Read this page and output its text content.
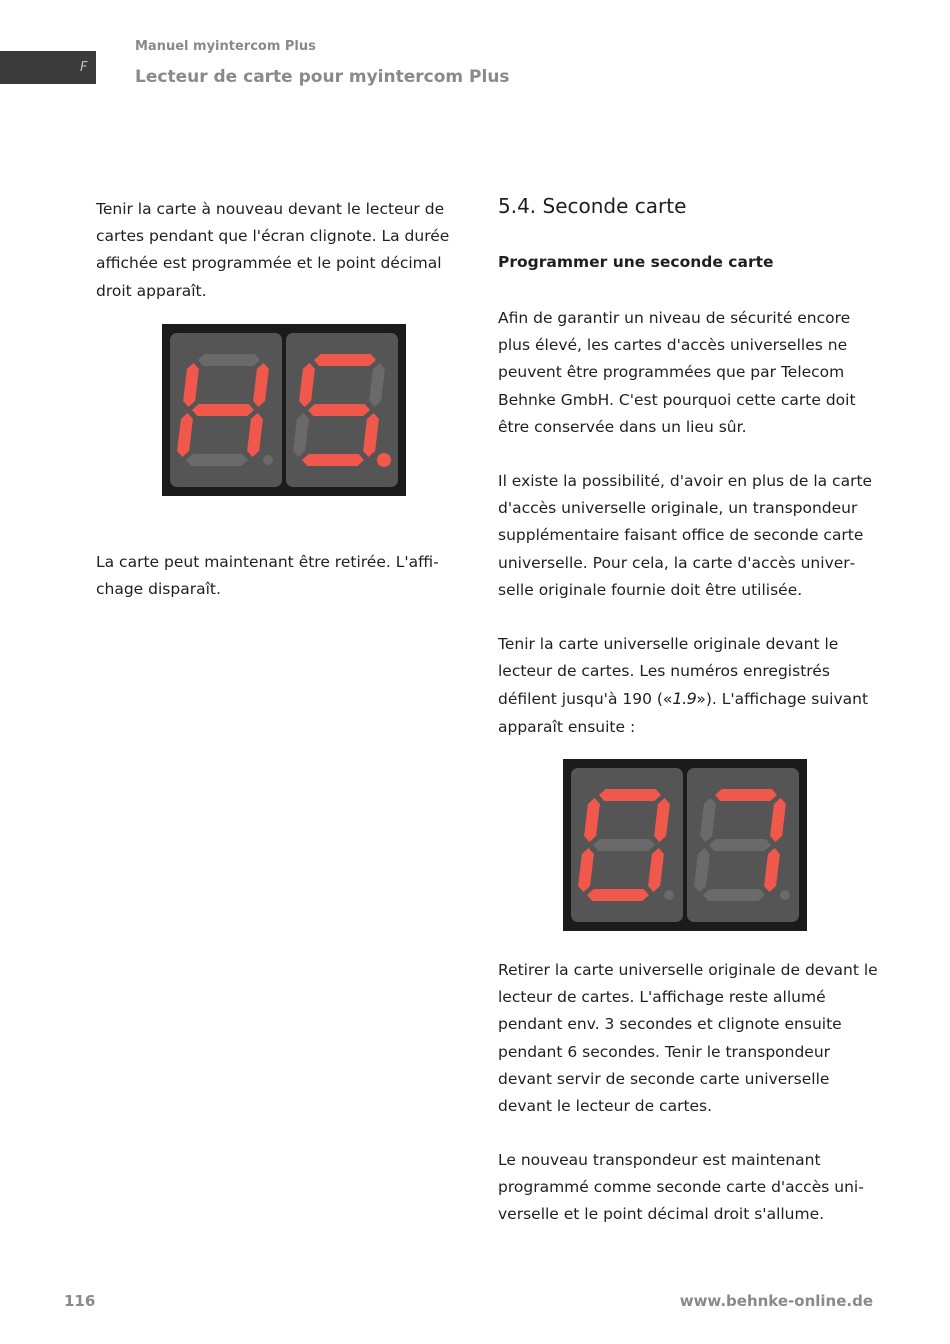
F
Manuel myintercom Plus
Lecteur de carte pour myintercom Plus

Tenir la carte à nouveau devant le lecteur de cartes pendant que l'écran clignote. La durée affichée est programmée et le point décimal droit apparaît.

La carte peut maintenant être retirée. L'affichage disparaît.

5.4. Seconde carte
Programmer une seconde carte

Afin de garantir un niveau de sécurité encore plus élevé, les cartes d'accès universelles ne peuvent être programmées que par Telecom Behnke GmbH. C'est pourquoi cette carte doit être conservée dans un lieu sûr.

Il existe la possibilité, d'avoir en plus de la carte d'accès universelle originale, un transpondeur supplémentaire faisant office de seconde carte universelle. Pour cela, la carte d'accès universelle originale fournie doit être utilisée.

Tenir la carte universelle originale devant le lecteur de cartes. Les numéros enregistrés défilent jusqu'à 190 («1.9»). L'affichage suivant apparaît ensuite :

Retirer la carte universelle originale de devant le lecteur de cartes. L'affichage reste allumé pendant env. 3 secondes et clignote ensuite pendant 6 secondes. Tenir le transpondeur devant servir de seconde carte universelle devant le lecteur de cartes.

Le nouveau transpondeur est maintenant programmé comme seconde carte d'accès universelle et le point décimal droit s'allume.

116	www.behnke-online.de
